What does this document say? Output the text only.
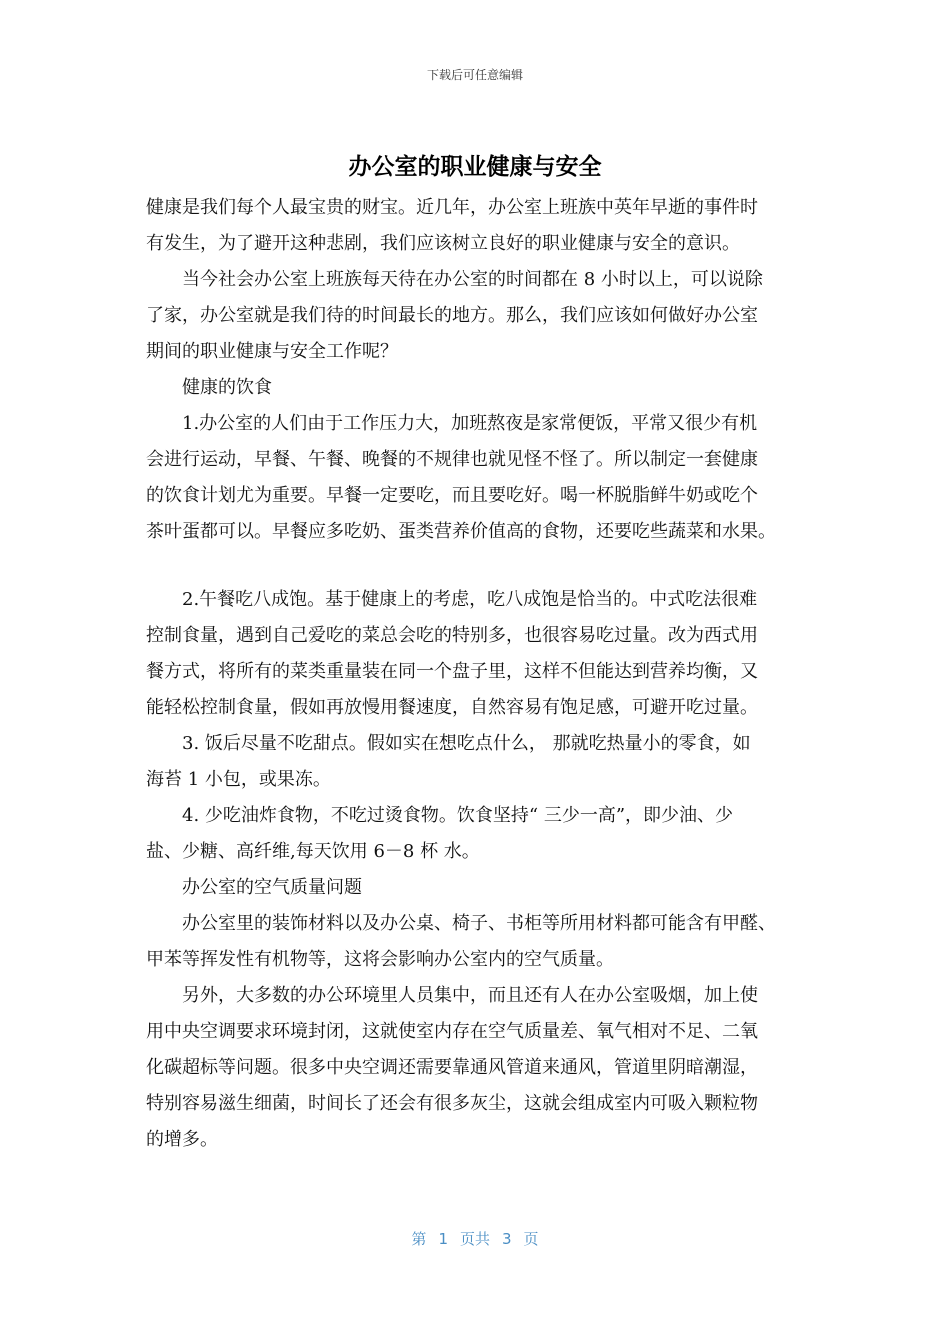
下载后可任意编辑
办公室的职业健康与安全
健康是我们每个人最宝贵的财宝。近几年，办公室上班族中英年早逝的事件时
有发生，为了避开这种悲剧，我们应该树立良好的职业健康与安全的意识。
当今社会办公室上班族每天待在办公室的时间都在 8 小时以上，可以说除
了家，办公室就是我们待的时间最长的地方。那么，我们应该如何做好办公室
期间的职业健康与安全工作呢？
健康的饮食
1.办公室的人们由于工作压力大，加班熬夜是家常便饭，平常又很少有机
会进行运动，早餐、午餐、晚餐的不规律也就见怪不怪了。所以制定一套健康
的饮食计划尤为重要。早餐一定要吃，而且要吃好。喝一杯脱脂鲜牛奶或吃个
茶叶蛋都可以。早餐应多吃奶、蛋类营养价值高的食物，还要吃些蔬菜和水果。
2.午餐吃八成饱。基于健康上的考虑，吃八成饱是恰当的。中式吃法很难
控制食量，遇到自己爱吃的菜总会吃的特别多，也很容易吃过量。改为西式用
餐方式，将所有的菜类重量装在同一个盘子里，这样不但能达到营养均衡，又
能轻松控制食量，假如再放慢用餐速度，自然容易有饱足感，可避开吃过量。
3. 饭后尽量不吃甜点。假如实在想吃点什么， 那就吃热量小的零食，如
海苔 1 小包，或果冻。
4. 少吃油炸食物，不吃过烫食物。饮食坚持“ 三少一高”，即少油、少
盐、少糖、高纤维,每天饮用 6－8 杯 水。
办公室的空气质量问题
办公室里的装饰材料以及办公桌、椅子、书柜等所用材料都可能含有甲醛、
甲苯等挥发性有机物等，这将会影响办公室内的空气质量。
另外，大多数的办公环境里人员集中，而且还有人在办公室吸烟，加上使
用中央空调要求环境封闭，这就使室内存在空气质量差、氧气相对不足、二氧
化碳超标等问题。很多中央空调还需要靠通风管道来通风，管道里阴暗潮湿，
特别容易滋生细菌，时间长了还会有很多灰尘，这就会组成室内可吸入颗粒物
的增多。
第 1 页共 3 页
